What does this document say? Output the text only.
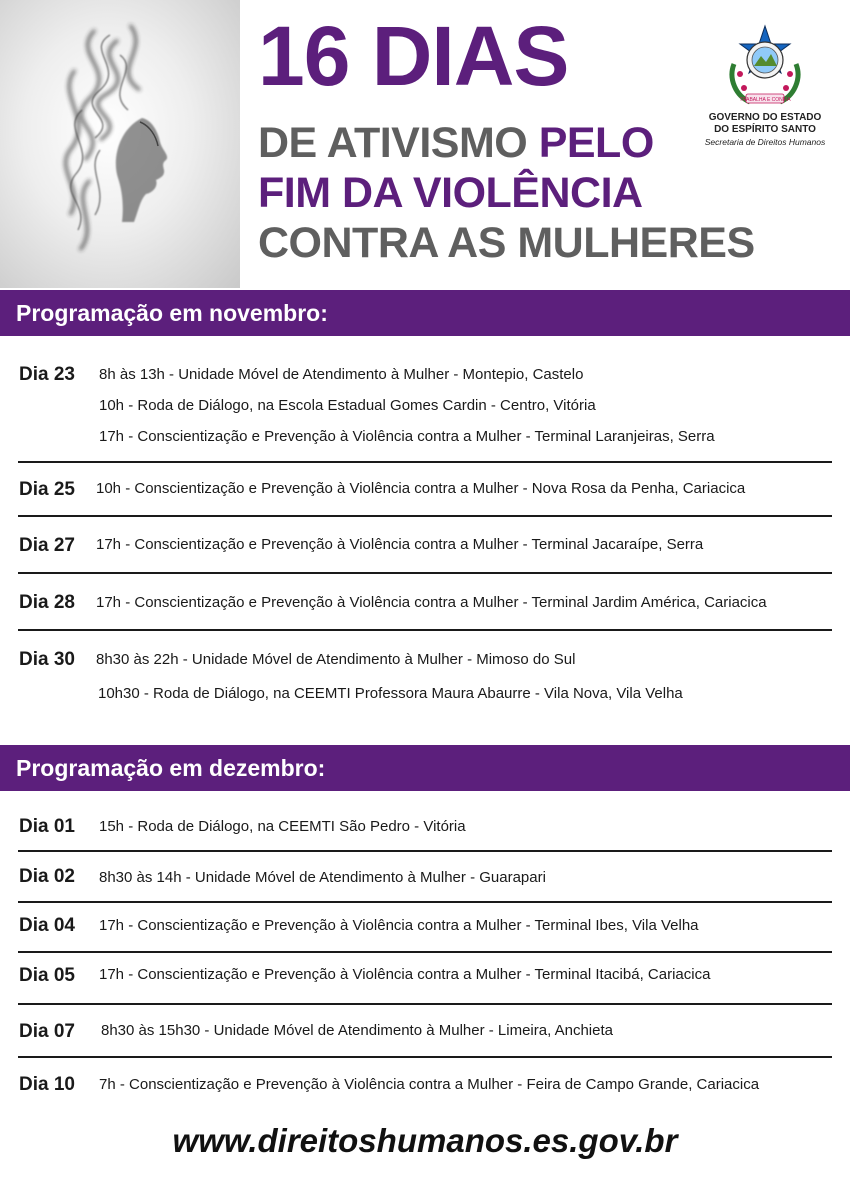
16 DIAS
DE ATIVISMO PELO
FIM DA VIOLÊNCIA
CONTRA AS MULHERES
TRABALHA E CONFIA
GOVERNO DO ESTADO
DO ESPÍRITO SANTO
Secretaria de Direitos Humanos
Programação em novembro:
Dia 23 8h às 13h - Unidade Móvel de Atendimento à Mulher - Montepio, Castelo
10h - Roda de Diálogo, na Escola Estadual Gomes Cardin - Centro, Vitória
17h - Conscientização e Prevenção à Violência contra a Mulher - Terminal Laranjeiras, Serra
Dia 25 10h - Conscientização e Prevenção à Violência contra a Mulher - Nova Rosa da Penha, Cariacica
Dia 27 17h - Conscientização e Prevenção à Violência contra a Mulher - Terminal Jacaraípe, Serra
Dia 28 17h - Conscientização e Prevenção à Violência contra a Mulher - Terminal Jardim América, Cariacica
Dia 30 8h30 às 22h - Unidade Móvel de Atendimento à Mulher - Mimoso do Sul
10h30 - Roda de Diálogo, na CEEMTI Professora Maura Abaurre - Vila Nova, Vila Velha
Programação em dezembro:
Dia 01 15h - Roda de Diálogo, na CEEMTI São Pedro - Vitória
Dia 02 8h30 às 14h - Unidade Móvel de Atendimento à Mulher - Guarapari
Dia 04 17h - Conscientização e Prevenção à Violência contra a Mulher - Terminal Ibes, Vila Velha
Dia 05 17h - Conscientização e Prevenção à Violência contra a Mulher - Terminal Itacibá, Cariacica
Dia 07 8h30 às 15h30 - Unidade Móvel de Atendimento à Mulher - Limeira, Anchieta
Dia 10 7h - Conscientização e Prevenção à Violência contra a Mulher - Feira de Campo Grande, Cariacica
www.direitoshumanos.es.gov.br
